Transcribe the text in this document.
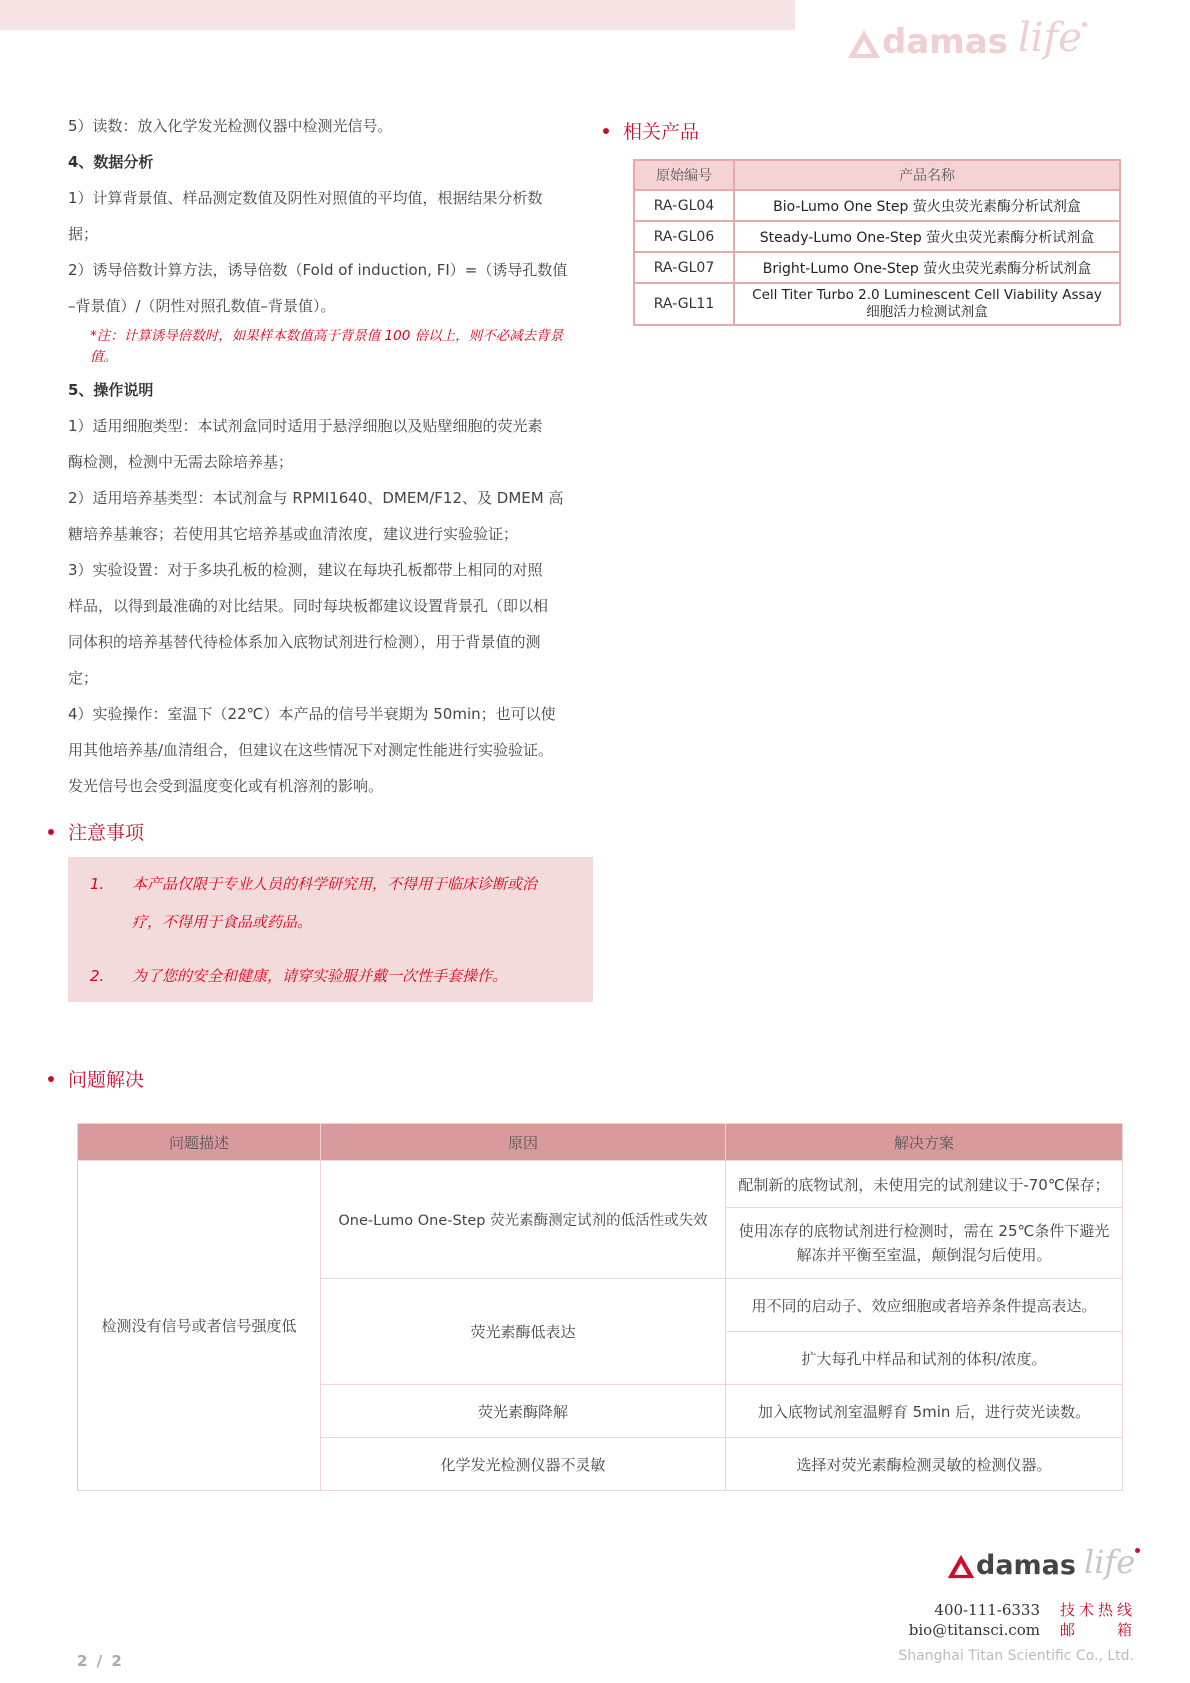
damas life

5）读数：放入化学发光检测仪器中检测光信号。

4、数据分析

1）计算背景值、样品测定数值及阴性对照值的平均值，根据结果分析数

据；

2）诱导倍数计算方法，诱导倍数（Fold of induction, FI）=（诱导孔数值

–背景值）/（阴性对照孔数值–背景值）。

*注：计算诱导倍数时，如果样本数值高于背景值 100 倍以上，则不必减去背景
值。

5、操作说明

1）适用细胞类型：本试剂盒同时适用于悬浮细胞以及贴壁细胞的荧光素

酶检测，检测中无需去除培养基；

2）适用培养基类型：本试剂盒与 RPMI1640、DMEM/F12、及 DMEM 高

糖培养基兼容；若使用其它培养基或血清浓度，建议进行实验验证；

3）实验设置：对于多块孔板的检测，建议在每块孔板都带上相同的对照

样品，以得到最准确的对比结果。同时每块板都建议设置背景孔（即以相

同体积的培养基替代待检体系加入底物试剂进行检测），用于背景值的测

定；

4）实验操作：室温下（22℃）本产品的信号半衰期为 50min；也可以使

用其他培养基/血清组合，但建议在这些情况下对测定性能进行实验验证。

发光信号也会受到温度变化或有机溶剂的影响。

注意事项
1.	本产品仅限于专业人员的科学研究用，不得用于临床诊断或治疗，不得用于食品或药品。
2.	为了您的安全和健康，请穿实验服并戴一次性手套操作。
相关产品
原始编号	产品名称
RA-GL04	Bio-Lumo One Step 萤火虫荧光素酶分析试剂盒
RA-GL06	Steady-Lumo One-Step 萤火虫荧光素酶分析试剂盒
RA-GL07	Bright-Lumo One-Step 萤火虫荧光素酶分析试剂盒
RA-GL11	Cell Titer Turbo 2.0 Luminescent Cell Viability Assay
细胞活力检测试剂盒
问题解决
问题描述	原因	解决方案
检测没有信号或者信号强度低	One-Lumo One-Step 荧光素酶测定试剂的低活性或失效	配制新的底物试剂，未使用完的试剂建议于-70℃保存；
		使用冻存的底物试剂进行检测时，需在 25℃条件下避光
解冻并平衡至室温，颠倒混匀后使用。
	荧光素酶低表达	用不同的启动子、效应细胞或者培养条件提高表达。
		扩大每孔中样品和试剂的体积/浓度。
	荧光素酶降解	加入底物试剂室温孵育 5min 后，进行荧光读数。
	化学发光检测仪器不灵敏	选择对荧光素酶检测灵敏的检测仪器。
damas life
400-111-6333 技术热线
bio@titansci.com 邮箱
Shanghai Titan Scientific Co., Ltd.
2 / 2
